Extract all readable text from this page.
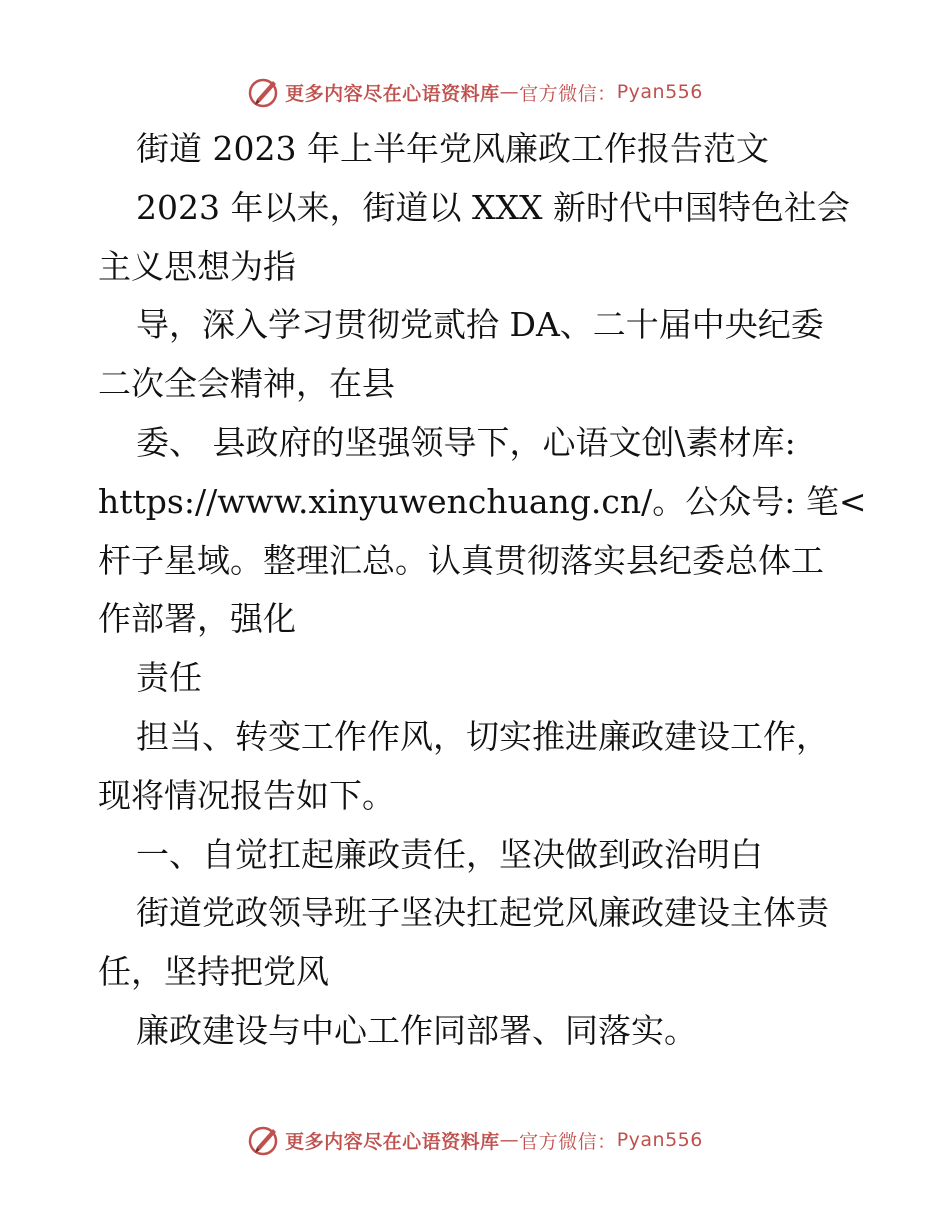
更多内容尽在心语资料库 — 官方微信： Pyan556
街道 2023 年上半年党风廉政工作报告范文
2023 年以来，街道以 XXX 新时代中国特色社会
主义思想为指
导，深入学习贯彻党贰拾 DA、二十届中央纪委
二次全会精神，在县
委、 县政府的坚强领导下，心语文创\素材库:
https://www.xinyuwenchuang.cn/。公众号: 笔<
杆子星域。整理汇总。认真贯彻落实县纪委总体工
作部署，强化
责任
担当、转变工作作风，切实推进廉政建设工作，
现将情况报告如下。
一、自觉扛起廉政责任，坚决做到政治明白
街道党政领导班子坚决扛起党风廉政建设主体责
任，坚持把党风
廉政建设与中心工作同部署、同落实。
更多内容尽在心语资料库 — 官方微信： Pyan556
